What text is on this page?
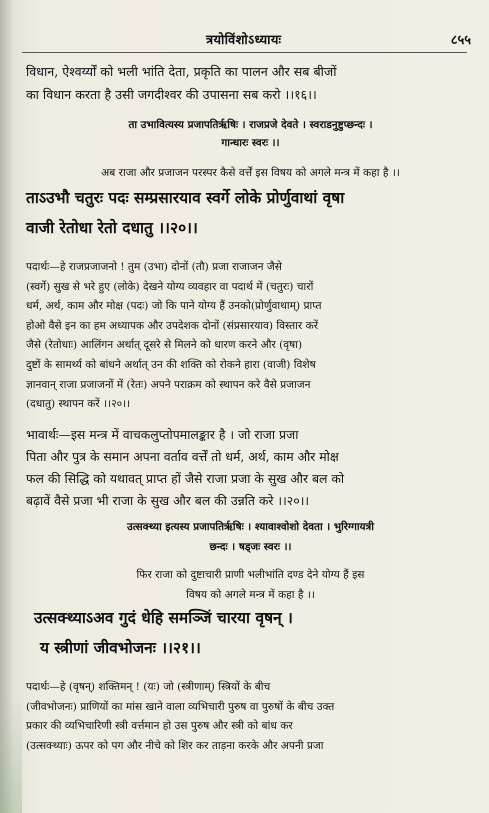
त्रयोविंशोऽध्यायः	८५५
विधान, ऐश्वर्य्यों को भली भांति देता, प्रकृति का पालन और सब बीजों
का विधान करता है उसी जगदीश्वर की उपासना सब करो ।।१६।।
ता उभावित्यस्य प्रजापतिर्ऋषिः । राजप्रजे देवते । स्वराडनुष्टुप्छन्दः ।
गान्धारः स्वरः ।।
अब राजा और प्रजाजन परस्पर कैसे वर्त्तें इस विषय को अगले मन्त्र में कहा है ।।
ताऽउभौ चतुरः पदः सम्प्रसारयाव स्वर्गे लोके प्रोर्णुवाथां वृषा
वाजी रेतोधा रेतो दधातु ।।२०।।
पदार्थः—हे राजप्रजाजनो ! तुम (उभा) दोनों (तौ) प्रजा राजाजन जैसे
(स्वर्गे) सुख से भरे हुए (लोके) देखने योग्य व्यवहार वा पदार्थ में (चतुरः) चारों
धर्म, अर्थ, काम और मोक्ष (पदः) जो कि पाने योग्य हैं उनको(प्रोर्णुवाथाम्) प्राप्त
होओ वैसे इन का हम अध्यापक और उपदेशक दोनों (संप्रसारयाव) विस्तार करें
जैसे (रेतोधाः) आलिंगन अर्थात् दूसरे से मिलने को धारण करने और (वृषा)
दुष्टों के सामर्थ्य को बांधने अर्थात् उन की शक्ति को रोकने हारा (वाजी) विशेष
ज्ञानवान् राजा प्रजाजनों में (रेतः) अपने पराक्रम को स्थापन करे वैसे प्रजाजन
(दधातु) स्थापन करें ।।२०।।
भावार्थः—इस मन्त्र में वाचकलुप्तोपमालङ्कार है । जो राजा प्रजा
पिता और पुत्र के समान अपना वर्ताव वर्त्तें तो धर्म, अर्थ, काम और मोक्ष
फल की सिद्धि को यथावत् प्राप्त हों जैसे राजा प्रजा के सुख और बल को
बढ़ावें वैसे प्रजा भी राजा के सुख और बल की उन्नति करे ।।२०।।
उत्सक्थ्या इत्यस्य प्रजापतिर्ऋषिः । श्यावाश्वोशो देवता । भुरिग्गायत्री
छन्दः । षड्जः स्वरः ।।
फिर राजा को दुष्टाचारी प्राणी भलीभांति दण्ड देने योग्य हैं इस
विषय को अगले मन्त्र में कहा है ।।
उत्सक्थ्याऽअव गुदं धेहि समञ्जिं चारया वृषन् ।
य स्त्रीणां जीवभोजनः ।।२१।।
पदार्थः—हे (वृषन्) शक्तिमन् ! (यः) जो (स्त्रीणाम्) स्त्रियों के बीच
(जीवभोजनः) प्राणियों का मांस खाने वाला व्यभिचारी पुरुष वा पुरुषों के बीच उक्त
प्रकार की व्यभिचारिणी स्त्री वर्त्तमान हो उस पुरुष और स्त्री को बांध कर
(उत्सक्थ्याः) ऊपर को पग और नीचे को शिर कर ताड़ना करके और अपनी प्रजा
